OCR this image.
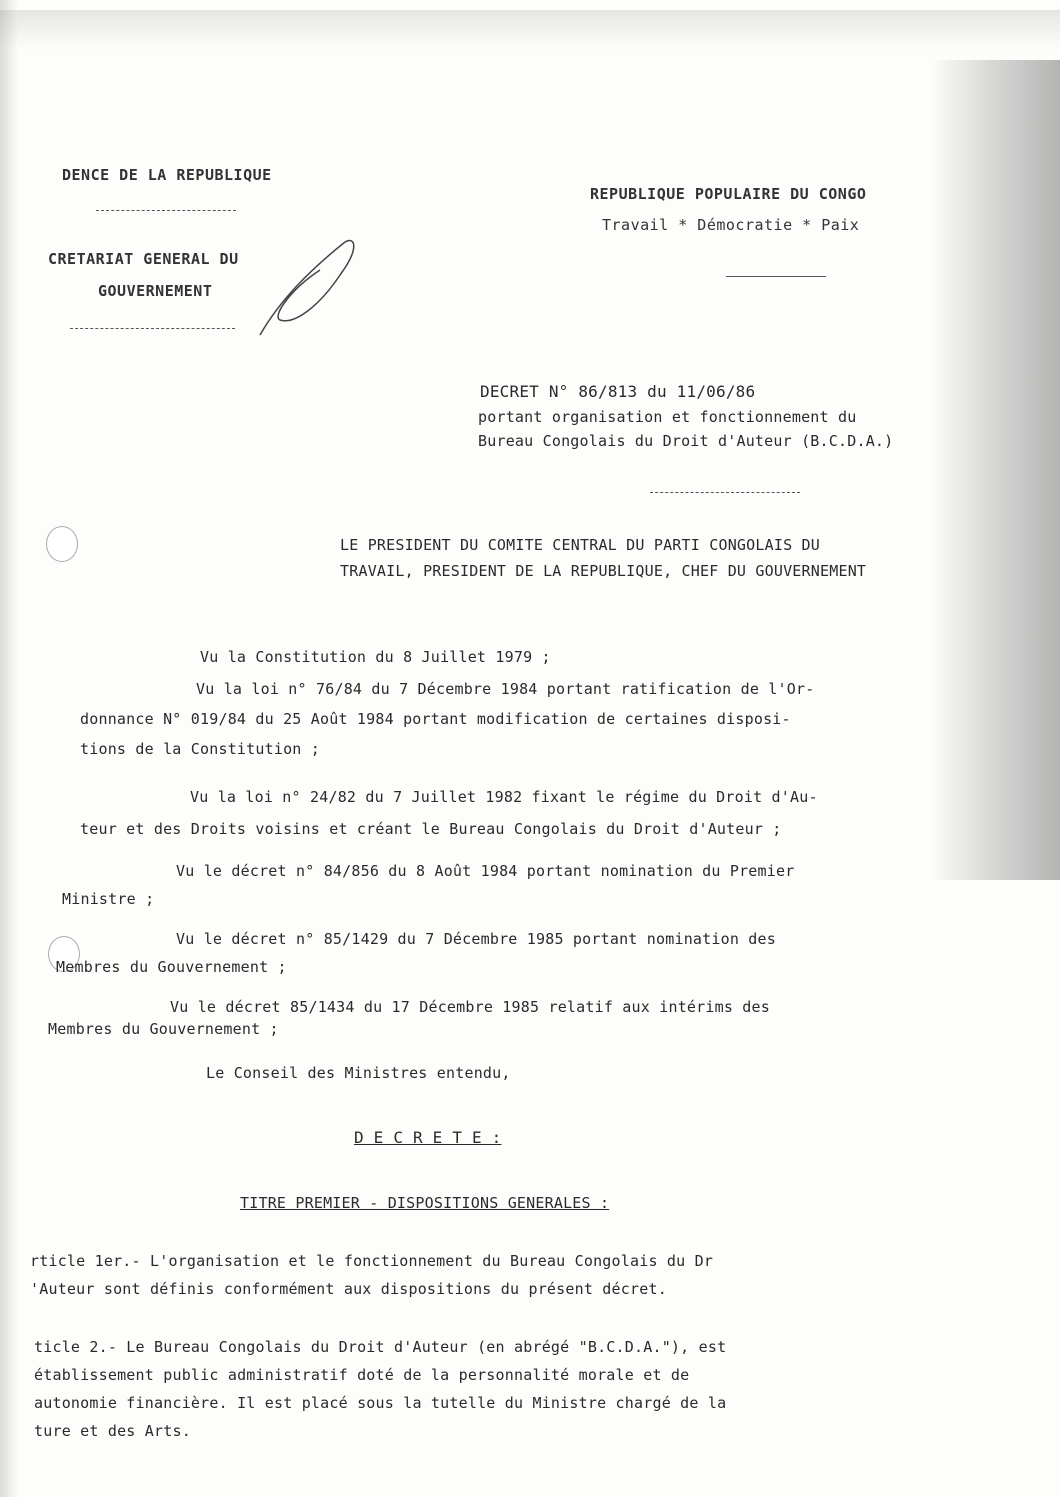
DENCE DE LA REPUBLIQUE
CRETARIAT GENERAL DU
GOUVERNEMENT
REPUBLIQUE POPULAIRE DU CONGO
Travail * Démocratie * Paix
DECRET N° 86/813 du 11/06/86
portant organisation et fonctionnement du
Bureau Congolais du Droit d'Auteur (B.C.D.A.)
LE PRESIDENT DU COMITE CENTRAL DU PARTI CONGOLAIS DU
TRAVAIL, PRESIDENT DE LA REPUBLIQUE, CHEF DU GOUVERNEMENT
Vu la Constitution du 8 Juillet 1979 ;
Vu la loi n° 76/84 du 7 Décembre 1984 portant ratification de l'Or-
donnance N° 019/84 du 25 Août 1984 portant modification de certaines disposi-
tions de la Constitution ;
Vu la loi n° 24/82 du 7 Juillet 1982 fixant le régime du Droit d'Au-
teur et des Droits voisins et créant le Bureau Congolais du Droit d'Auteur ;
Vu le décret n° 84/856 du 8 Août 1984 portant nomination du Premier
Ministre ;
Vu le décret n° 85/1429 du 7 Décembre 1985 portant nomination des
Membres du Gouvernement ;
Vu le décret 85/1434 du 17 Décembre 1985 relatif aux intérims des
Membres du Gouvernement ;
Le Conseil des Ministres entendu,
D E C R E T E :
TITRE PREMIER - DISPOSITIONS GENERALES :
rticle 1er.- L'organisation et le fonctionnement du Bureau Congolais du Dr
'Auteur sont définis conformément aux dispositions du présent décret.
ticle 2.- Le Bureau Congolais du Droit d'Auteur (en abrégé "B.C.D.A."), est
établissement public administratif doté de la personnalité morale et de
autonomie financière. Il est placé sous la tutelle du Ministre chargé de la
ture et des Arts.
